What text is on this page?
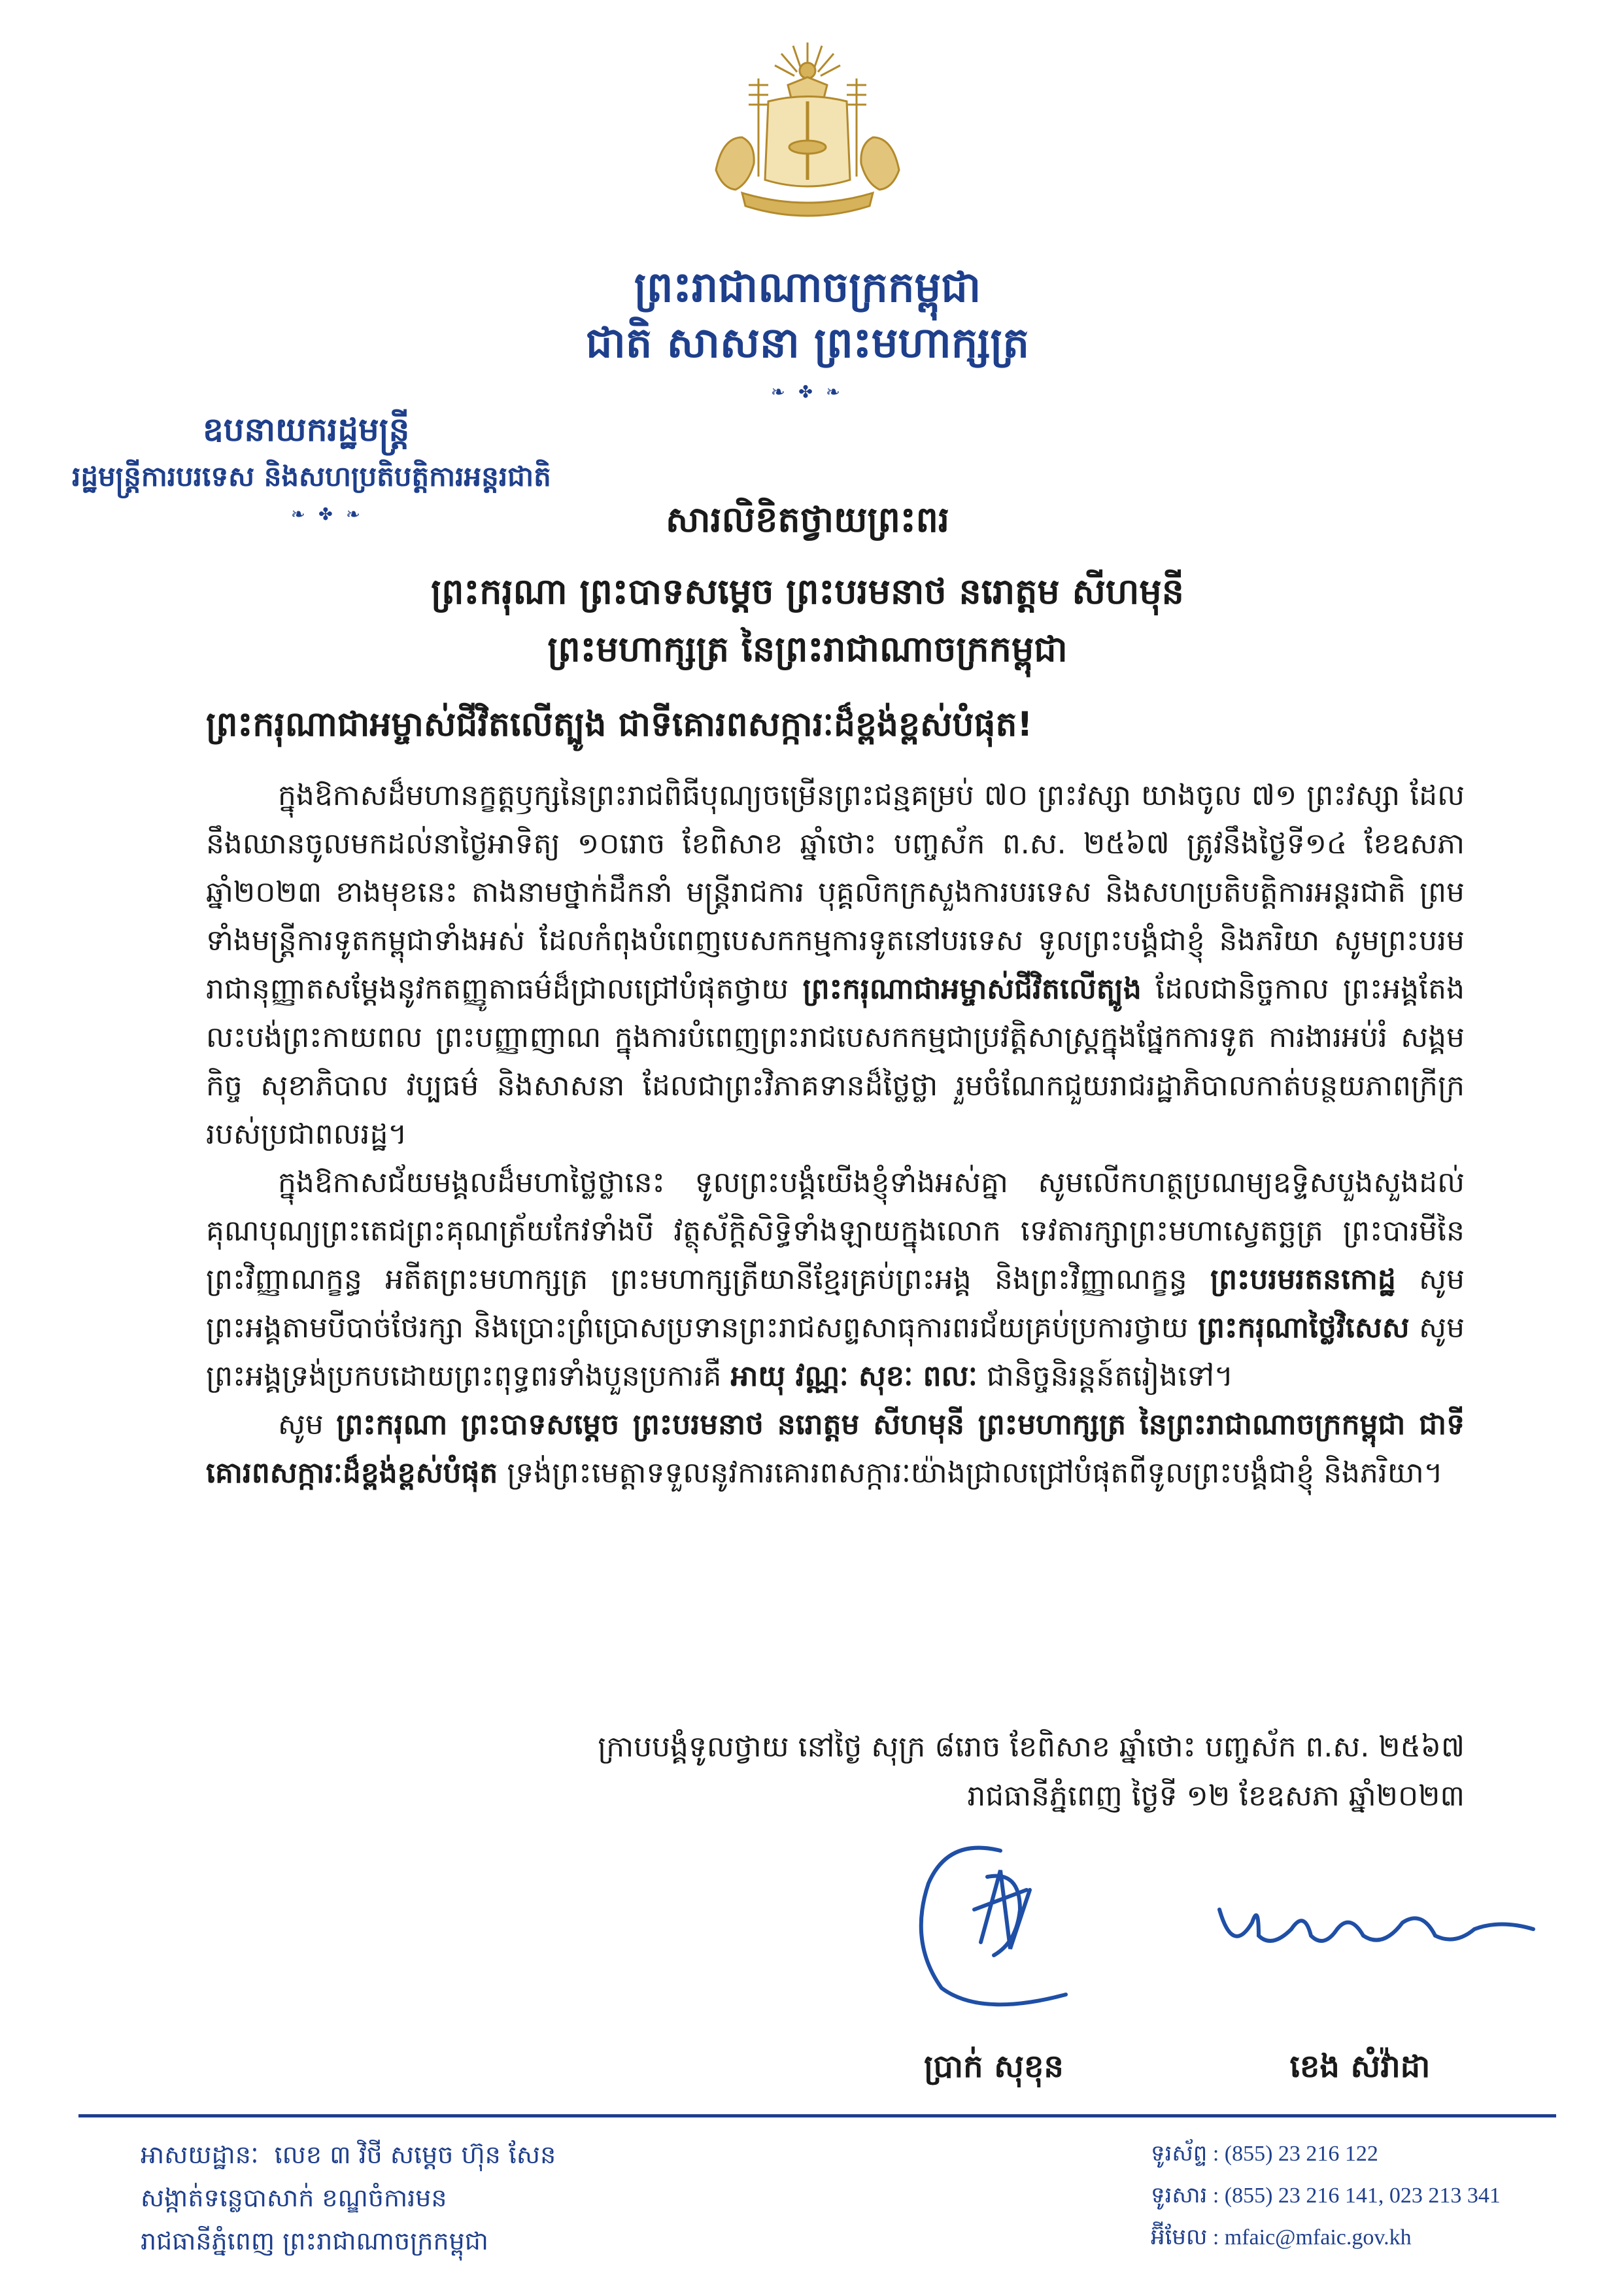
ព្រះរាជាណាចក្រកម្ពុជា
ជាតិ សាសនា ព្រះមហាក្សត្រ
❧ ✤ ❧
ឧបនាយករដ្ឋមន្ត្រី
រដ្ឋមន្ត្រីការបរទេស និងសហប្រតិបត្តិការអន្តរជាតិ
❧ ✤ ❧	សារលិខិតថ្វាយព្រះពរ
ព្រះករុណា ព្រះបាទសម្តេច ព្រះបរមនាថ នរោត្តម សីហមុនី
ព្រះមហាក្សត្រ នៃព្រះរាជាណាចក្រកម្ពុជា
ព្រះករុណាជាអម្ចាស់ជីវិតលើត្បូង ជាទីគោរពសក្ការៈដ៏ខ្ពង់ខ្ពស់បំផុត!

ក្នុងឱកាសដ៏មហានក្ខត្តឫក្សនៃព្រះរាជពិធីបុណ្យចម្រើនព្រះជន្មគម្រប់ ៧០ ព្រះវស្សា យាងចូល ៧១ ព្រះវស្សា ដែលនឹងឈានចូលមកដល់នាថ្ងៃអាទិត្យ ១០រោច ខែពិសាខ ឆ្នាំថោះ បញ្ចស័ក ព.ស. ២៥៦៧ ត្រូវនឹងថ្ងៃទី១៤ ខែឧសភា ឆ្នាំ២០២៣ ខាងមុខនេះ តាងនាមថ្នាក់ដឹកនាំ មន្ត្រីរាជការ បុគ្គលិកក្រសួងការបរទេស និងសហប្រតិបត្តិការអន្តរជាតិ ព្រមទាំងមន្ត្រីការទូតកម្ពុជាទាំងអស់ ដែលកំពុងបំពេញបេសកកម្មការទូតនៅបរទេស ទូលព្រះបង្គំជាខ្ញុំ និងភរិយា សូមព្រះបរមរាជានុញ្ញាតសម្តែងនូវកតញ្ញូតាធម៌ដ៏ជ្រាលជ្រៅបំផុតថ្វាយ ព្រះករុណាជាអម្ចាស់ជីវិតលើត្បូង ដែលជានិច្ចកាល ព្រះអង្គតែងលះបង់ព្រះកាយពល ព្រះបញ្ញាញាណ ក្នុងការបំពេញព្រះរាជបេសកកម្មជាប្រវត្តិសាស្ត្រក្នុងផ្នែកការទូត ការងារអប់រំ សង្គមកិច្ច សុខាភិបាល វប្បធម៌ និងសាសនា ដែលជាព្រះវិភាគទានដ៏ថ្លៃថ្លា រួមចំណែកជួយរាជរដ្ឋាភិបាលកាត់បន្ថយភាពក្រីក្ររបស់ប្រជាពលរដ្ឋ។

ក្នុងឱកាសជ័យមង្គលដ៏មហាថ្លៃថ្លានេះ ទូលព្រះបង្គំយើងខ្ញុំទាំងអស់គ្នា សូមលើកហត្ថប្រណម្យឧទ្ទិសបួងសួងដល់គុណបុណ្យព្រះតេជព្រះគុណត្រ័យកែវទាំងបី វត្ថុស័ក្តិសិទ្ធិទាំងឡាយក្នុងលោក ទេវតារក្សាព្រះមហាស្វេតច្ឆត្រ ព្រះបារមីនៃព្រះវិញ្ញាណក្ខន្ធ អតីតព្រះមហាក្សត្រ ព្រះមហាក្សត្រីយានីខ្មែរគ្រប់ព្រះអង្គ និងព្រះវិញ្ញាណក្ខន្ធ ព្រះបរមរតនកោដ្ឋ សូមព្រះអង្គតាមបីបាច់ថែរក្សា និងប្រោះព្រំប្រោសប្រទានព្រះរាជសព្ទសាធុការពរជ័យគ្រប់ប្រការថ្វាយ ព្រះករុណាថ្លៃវិសេស សូមព្រះអង្គទ្រង់ប្រកបដោយព្រះពុទ្ធពរទាំងបួនប្រការគឺ អាយុ វណ្ណៈ សុខៈ ពលៈ ជានិច្ចនិរន្តន៍តរៀងទៅ។

សូម ព្រះករុណា ព្រះបាទសម្តេច ព្រះបរមនាថ នរោត្តម សីហមុនី ព្រះមហាក្សត្រ នៃព្រះរាជាណាចក្រកម្ពុជា ជាទីគោរពសក្ការៈដ៏ខ្ពង់ខ្ពស់បំផុត ទ្រង់ព្រះមេត្តាទទួលនូវការគោរពសក្ការៈយ៉ាងជ្រាលជ្រៅបំផុតពីទូលព្រះបង្គំជាខ្ញុំ និងភរិយា។

ក្រាបបង្គំទូលថ្វាយ នៅថ្ងៃ សុក្រ ៨រោច ខែពិសាខ ឆ្នាំថោះ បញ្ចស័ក ព.ស. ២៥៦៧
រាជធានីភ្នំពេញ ថ្ងៃទី ១២ ខែឧសភា ឆ្នាំ២០២៣
ប្រាក់ សុខុន	ខេង សំវ៉ាដា
អាសយដ្ឋានៈ លេខ ៣ វិថី សម្តេច ហ៊ុន សែន
សង្កាត់ទន្លេបាសាក់ ខណ្ឌចំការមន
រាជធានីភ្នំពេញ ព្រះរាជាណាចក្រកម្ពុជា
ទូរស័ព្ទ : (855) 23 216 122
ទូរសារ : (855) 23 216 141, 023 213 341
អ៊ីមែល : mfaic@mfaic.gov.kh
